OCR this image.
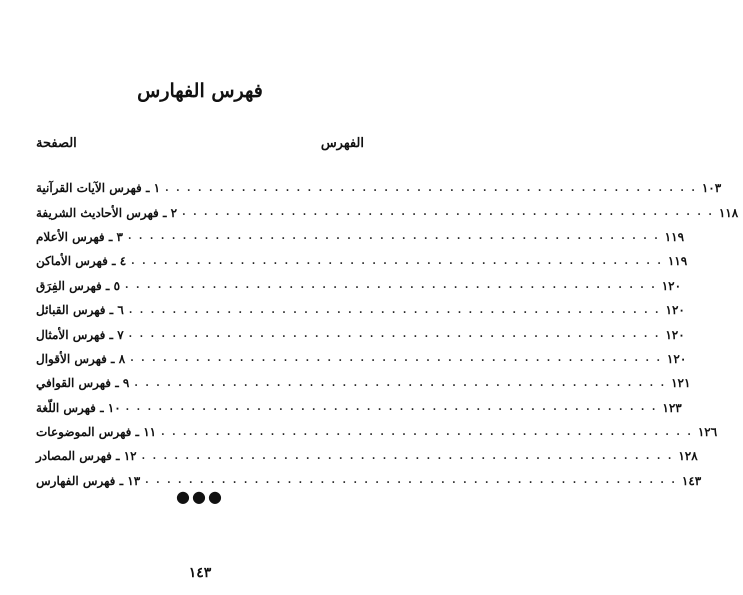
فهرس الفهارس
الفهرس
الصفحة
١ ـ فهرس الآيات القرآنية . . . . . . . . . . . . . . . . . . . . . . . . . . . . . . . . . . . . . . . . . . . . . . . . . ١٠٣
٢ ـ فهرس الأحاديث الشريفة . . . . . . . . . . . . . . . . . . . . . . . . . . . . . . . . . . . . . . . . . . . . . . . . . ١١٨
٣ ـ فهرس الأعلام . . . . . . . . . . . . . . . . . . . . . . . . . . . . . . . . . . . . . . . . . . . . . . . . . ١١٩
٤ ـ فهرس الأماكن . . . . . . . . . . . . . . . . . . . . . . . . . . . . . . . . . . . . . . . . . . . . . . . . . ١١٩
٥ ـ فهرس الفِرَق . . . . . . . . . . . . . . . . . . . . . . . . . . . . . . . . . . . . . . . . . . . . . . . . . ١٢٠
٦ ـ فهرس القبائل . . . . . . . . . . . . . . . . . . . . . . . . . . . . . . . . . . . . . . . . . . . . . . . . . ١٢٠
٧ ـ فهرس الأمثال . . . . . . . . . . . . . . . . . . . . . . . . . . . . . . . . . . . . . . . . . . . . . . . . . ١٢٠
٨ ـ فهرس الأقوال . . . . . . . . . . . . . . . . . . . . . . . . . . . . . . . . . . . . . . . . . . . . . . . . . ١٢٠
٩ ـ فهرس القوافي . . . . . . . . . . . . . . . . . . . . . . . . . . . . . . . . . . . . . . . . . . . . . . . . . ١٢١
١٠ ـ فهرس اللّغة . . . . . . . . . . . . . . . . . . . . . . . . . . . . . . . . . . . . . . . . . . . . . . . . . ١٢٣
١١ ـ فهرس الموضوعات . . . . . . . . . . . . . . . . . . . . . . . . . . . . . . . . . . . . . . . . . . . . . . . . . ١٢٦
١٢ ـ فهرس المصادر . . . . . . . . . . . . . . . . . . . . . . . . . . . . . . . . . . . . . . . . . . . . . . . . . ١٢٨
١٣ ـ فهرس الفهارس . . . . . . . . . . . . . . . . . . . . . . . . . . . . . . . . . . . . . . . . . . . . . . . . . ١٤٣
●●●
١٤٣
